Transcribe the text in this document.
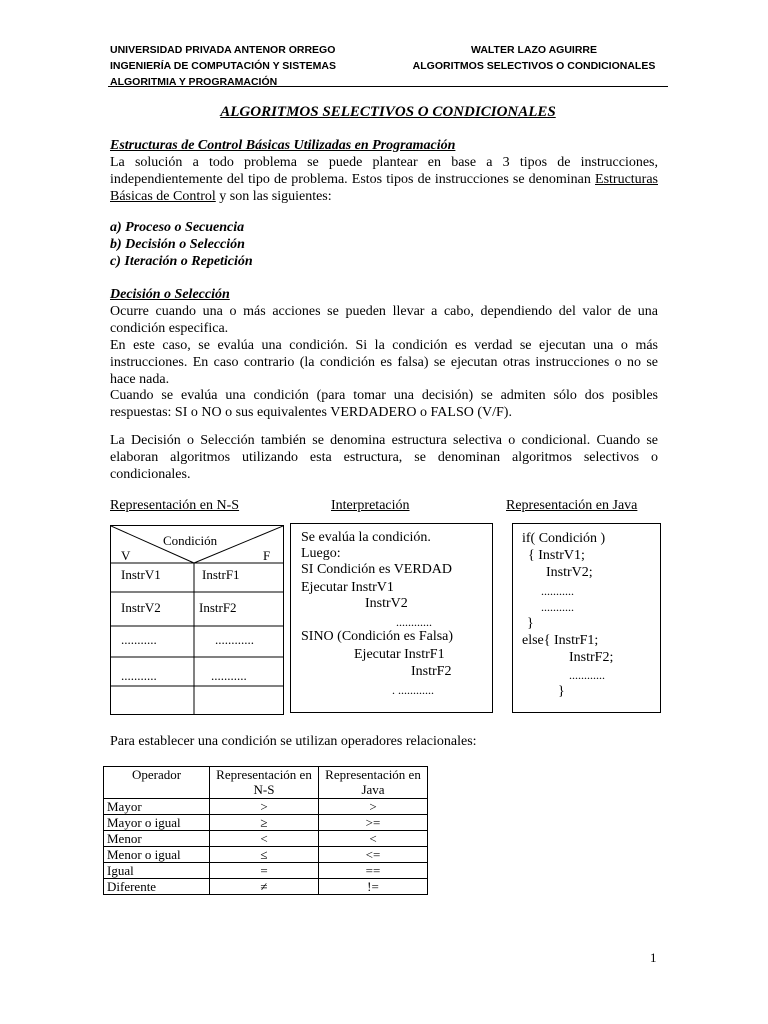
UNIVERSIDAD PRIVADA ANTENOR ORREGO
INGENIERÍA DE COMPUTACIÓN Y SISTEMAS
ALGORITMIA Y PROGRAMACIÓN
WALTER LAZO AGUIRRE
ALGORITMOS SELECTIVOS O CONDICIONALES
ALGORITMOS SELECTIVOS O CONDICIONALES
Estructuras de Control Básicas Utilizadas en Programación
La solución a todo problema se puede plantear en base a 3 tipos de instrucciones, independientemente del tipo de problema. Estos tipos de instrucciones se denominan Estructuras Básicas de Control y son las siguientes:
a) Proceso o Secuencia
b) Decisión o Selección
c) Iteración o Repetición
Decisión o Selección
Ocurre cuando una o más acciones se pueden llevar a cabo, dependiendo del valor de una condición especifica.
En este caso, se evalúa una condición. Si la condición es verdad se ejecutan una o más instrucciones. En caso contrario (la condición es falsa) se ejecutan otras instrucciones o no se hace nada.
Cuando se evalúa una condición (para tomar una decisión) se admiten sólo dos posibles respuestas: SI o NO o sus equivalentes VERDADERO o FALSO (V/F).
La Decisión o Selección también se denomina estructura selectiva o condicional. Cuando se elaboran algoritmos utilizando esta estructura, se denominan algoritmos selectivos o condicionales.
Representación en N-S	Interpretación	Representación en Java
Condición
V	F
InstrV1	InstrF1
InstrV2	InstrF2
...........	............
...........	...........
Se evalúa la condición.
Luego:
SI Condición es VERDAD
Ejecutar InstrV1
InstrV2
............
SINO (Condición es Falsa)
Ejecutar InstrF1
InstrF2
. ............
if( Condición )
{ InstrV1;
InstrV2;
...........
...........
}
else{ InstrF1;
InstrF2;
............
}
Para establecer una condición se utilizan operadores relacionales:
Operador	Representación en N-S	Representación en Java
Mayor	>	>
Mayor o igual	≥	>=
Menor	<	<
Menor o igual	≤	<=
Igual	=	==
Diferente	≠	!=
1
